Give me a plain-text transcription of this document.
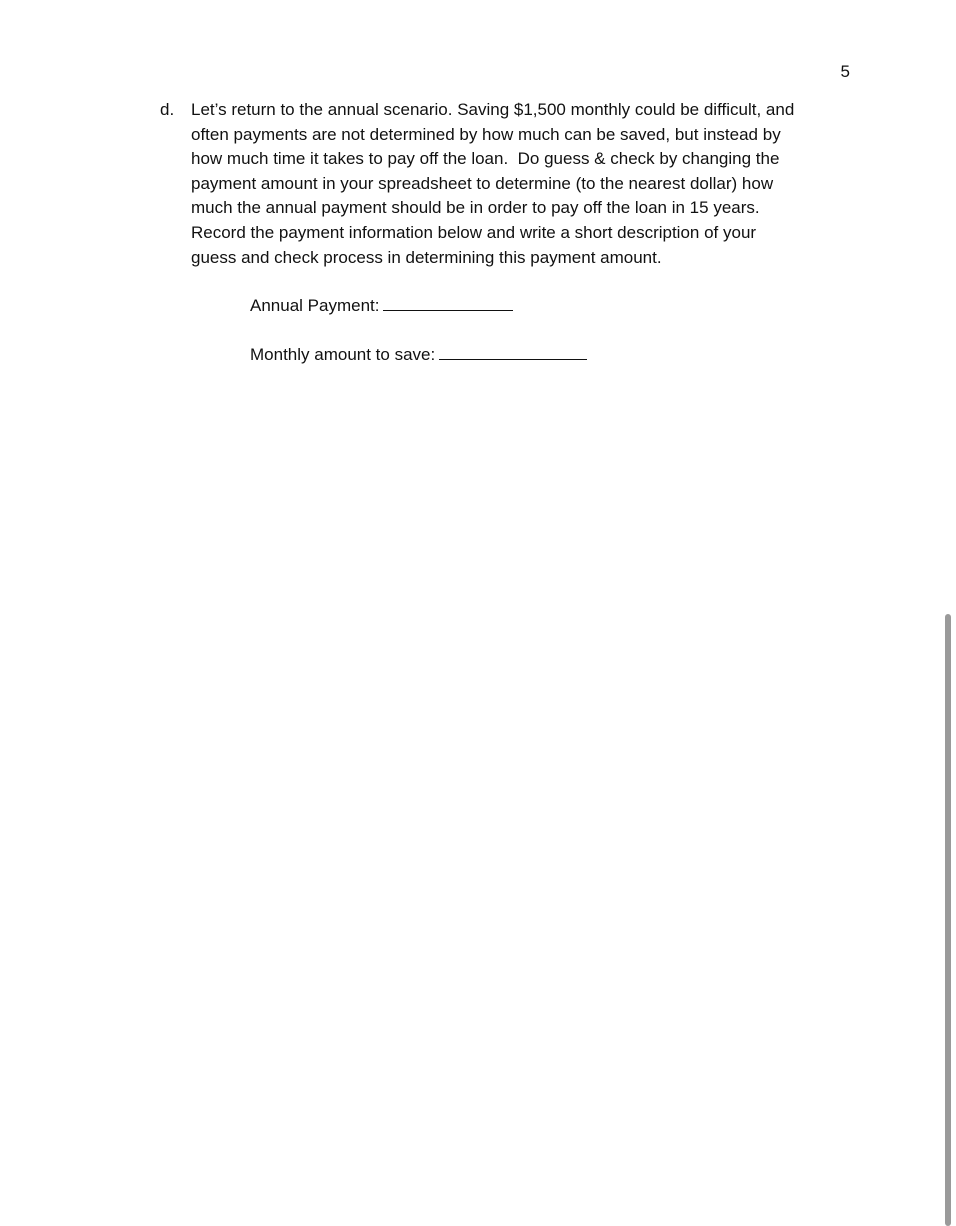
5
d. Let’s return to the annual scenario. Saving $1,500 monthly could be difficult, and
often payments are not determined by how much can be saved, but instead by
how much time it takes to pay off the loan.  Do guess & check by changing the
payment amount in your spreadsheet to determine (to the nearest dollar) how
much the annual payment should be in order to pay off the loan in 15 years.
Record the payment information below and write a short description of your
guess and check process in determining this payment amount.

Annual Payment:
Monthly amount to save:
